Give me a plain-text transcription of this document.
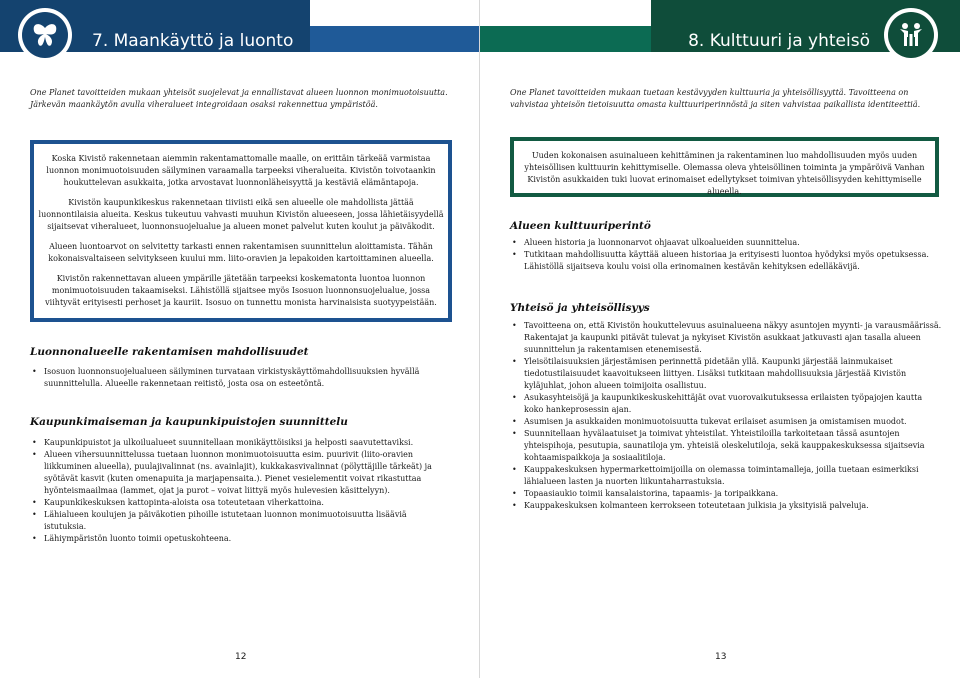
7. Maankäyttö ja luonto
One Planet tavoitteiden mukaan yhteisöt suojelevat ja ennallistavat alueen luonnon monimuotoisuutta. Järkevän maankäytön avulla viheralueet integroidaan osaksi rakennettua ympäristöä.

Koska Kivistö rakennetaan aiemmin rakentamattomalle maalle, on erittäin tärkeää varmistaa luonnon monimuotoisuuden säilyminen varaamalla tarpeeksi viheralueita. Kivistön toivotaankin houkuttelevan asukkaita, jotka arvostavat luonnonläheisyyttä ja kestäviä elämäntapoja.

Kivistön kaupunkikeskus rakennetaan tiiviisti eikä sen alueelle ole mahdollista jättää luonnontilaisia alueita. Keskus tukeutuu vahvasti muuhun Kivistön alueeseen, jossa lähietäisyydellä sijaitsevat viheralueet, luonnonsuojelualue ja alueen monet palvelut kuten koulut ja päiväkodit.

Alueen luontoarvot on selvitetty tarkasti ennen rakentamisen suunnittelun aloittamista. Tähän kokonaisvaltaiseen selvitykseen kuului mm. liito-oravien ja lepakoiden kartoittaminen alueella.

Kivistön rakennettavan alueen ympärille jätetään tarpeeksi koskematonta luontoa luonnon monimuotoisuuden takaamiseksi. Lähistöllä sijaitsee myös Isosuon luonnonsuojelualue, jossa viihtyvät erityisesti perhoset ja kauriit. Isosuo on tunnettu monista harvinaisista suotyypeistään.

Luonnonalueelle rakentamisen mahdollisuudet
• Isosuon luonnonsuojelualueen säilyminen turvataan virkistyskäyttömahdollisuuksien hyvällä suunnittelulla. Alueelle rakennetaan reitistö, josta osa on esteetöntä.
Kaupunkimaiseman ja kaupunkipuistojen suunnittelu
• Kaupunkipuistot ja ulkoilualueet suunnitellaan monikäyttöisiksi ja helposti saavutettaviksi.
• Alueen vihersuunnittelussa tuetaan luonnon monimuotoisuutta esim. puurivit (liito-oravien liikkuminen alueella), puulajivalinnat (ns. avainlajit), kukkakasvivalinnat (pölyttäjille tärkeät) ja syötävät kasvit (kuten omenapuita ja marjapensaita.). Pienet vesielementit voivat rikastuttaa hyönteismaailmaa (lammet, ojat ja purot – voivat liittyä myös hulevesien käsittelyyn).
• Kaupunkikeskuksen kattopinta-aloista osa toteutetaan viherkattoina.
• Lähialueen koulujen ja päiväkotien pihoille istutetaan luonnon monimuotoisuutta lisääviä istutuksia.
• Lähiympäristön luonto toimii opetuskohteena.
12
8. Kulttuuri ja yhteisö
One Planet tavoitteiden mukaan tuetaan kestävyyden kulttuuria ja yhteisöllisyyttä. Tavoitteena on vahvistaa yhteisön tietoisuutta omasta kulttuuriperinnöstä ja siten vahvistaa paikallista identiteettiä.

Uuden kokonaisen asuinalueen kehittäminen ja rakentaminen luo mahdollisuuden myös uuden yhteisöllisen kulttuurin kehittymiselle. Olemassa oleva yhteisöllinen toiminta ja ympäröivä Vanhan Kivistön asukkaiden tuki luovat erinomaiset edellytykset toimivan yhteisöllisyyden kehittymiselle alueella.

Alueen kulttuuriperintö
• Alueen historia ja luonnonarvot ohjaavat ulkoalueiden suunnittelua.
• Tutkitaan mahdollisuutta käyttää alueen historiaa ja erityisesti luontoa hyödyksi myös opetuksessa. Lähistöllä sijaitseva koulu voisi olla erinomainen kestävän kehityksen edelläkävijä.
Yhteisö ja yhteisöllisyys
• Tavoitteena on, että Kivistön houkuttelevuus asuinalueena näkyy asuntojen myynti- ja varausmäärissä. Rakentajat ja kaupunki pitävät tulevat ja nykyiset Kivistön asukkaat jatkuvasti ajan tasalla alueen suunnittelun ja rakentamisen etenemisestä.
• Yleisötilaisuuksien järjestämisen perinnettä pidetään yllä. Kaupunki järjestää lainmukaiset tiedotustilaisuudet kaavoitukseen liittyen. Lisäksi tutkitaan mahdollisuuksia järjestää Kivistön kyläjuhlat, johon alueen toimijoita osallistuu.
• Asukasyhteisöjä ja kaupunkikeskuskehittäjät ovat vuorovaikutuksessa erilaisten työpajojen kautta koko hankeprosessin ajan.
• Asumisen ja asukkaiden monimuotoisuutta tukevat erilaiset asumisen ja omistamisen muodot.
• Suunnitellaan hyvälaatuiset ja toimivat yhteistilat. Yhteistiloilla tarkoitetaan tässä asuntojen yhteispihoja, pesutupia, saunatiloja ym. yhteisiä oleskelutiloja, sekä kauppakeskuksessa sijaitsevia kohtaamispaikkoja ja sosiaalitiloja.
• Kauppakeskuksen hypermarkettoimijoilla on olemassa toimintamalleja, joilla tuetaan esimerkiksi lähialueen lasten ja nuorten liikuntaharrastuksia.
• Topaasiaukio toimii kansalaistorina, tapaamis- ja toripaikkana.
• Kauppakeskuksen kolmanteen kerrokseen toteutetaan julkisia ja yksityisiä palveluja.
13
